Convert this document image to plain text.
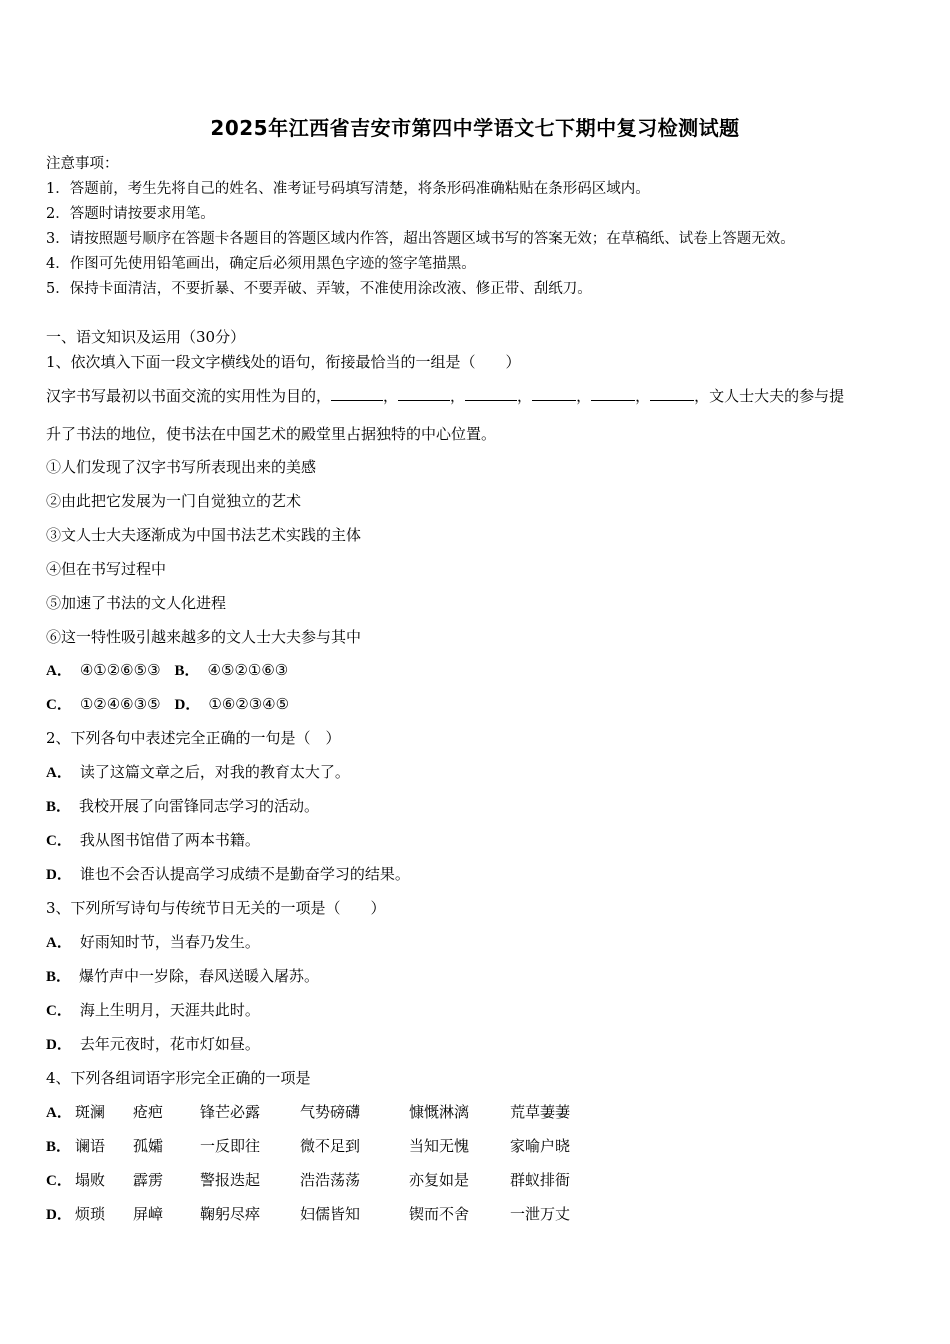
2025年江西省吉安市第四中学语文七下期中复习检测试题
注意事项：
1．答题前，考生先将自己的姓名、准考证号码填写清楚，将条形码准确粘贴在条形码区域内。
2．答题时请按要求用笔。
3．请按照题号顺序在答题卡各题目的答题区域内作答，超出答题区域书写的答案无效；在草稿纸、试卷上答题无效。
4．作图可先使用铅笔画出，确定后必须用黑色字迹的签字笔描黑。
5．保持卡面清洁，不要折暴、不要弄破、弄皱，不准使用涂改液、修正带、刮纸刀。
一、语文知识及运用（30分）
1、依次填入下面一段文字横线处的语句，衔接最恰当的一组是（　　）
汉字书写最初以书面交流的实用性为目的，	，	，	，	，	，	，文人士大夫的参与提
升了书法的地位，使书法在中国艺术的殿堂里占据独特的中心位置。
①人们发现了汉字书写所表现出来的美感
②由此把它发展为一门自觉独立的艺术
③文人士大夫逐渐成为中国书法艺术实践的主体
④但在书写过程中
⑤加速了书法的文人化进程
⑥这一特性吸引越来越多的文人士大夫参与其中
A． ④①②⑥⑤③ B． ④⑤②①⑥③
C． ①②④⑥③⑤ D． ①⑥②③④⑤
2、下列各句中表述完全正确的一句是（　）
A． 读了这篇文章之后，对我的教育太大了。
B． 我校开展了向雷锋同志学习的活动。
C． 我从图书馆借了两本书籍。
D． 谁也不会否认提高学习成绩不是勤奋学习的结果。
3、下列所写诗句与传统节日无关的一项是（　　）
A． 好雨知时节，当春乃发生。
B． 爆竹声中一岁除，春风送暖入屠苏。
C． 海上生明月，天涯共此时。
D． 去年元夜时，花市灯如昼。
4、下列各组词语字形完全正确的一项是
A． 斑澜 疮疤 锋芒必露	气势磅礴	慷慨淋漓	荒草萋萋
B． 谰语 孤孀 一反即往	微不足到	当知无愧	家喻户晓
C． 塌败 霹雳 警报迭起	浩浩荡荡	亦复如是	群蚁排衙
D． 烦琐 屏嶂 鞠躬尽瘁	妇儒皆知	锲而不舍	一泄万丈
